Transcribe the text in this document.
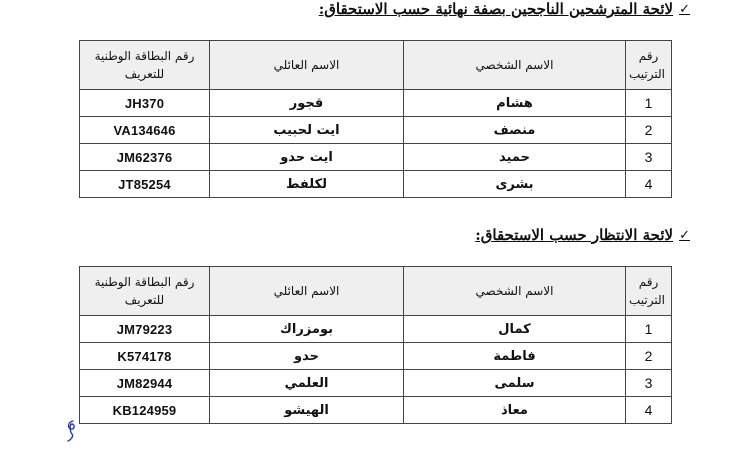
✓
لائحة المترشحين الناجحين بصفة نهائية حسب الاستحقاق:
رقم الترتيب	الاسم الشخصي	الاسم العائلي	رقم البطاقة الوطنية للتعريف
1	هشام	قجور	JH370
2	منصف	ايت لحبيب	VA134646
3	حميد	ايت حدو	JM62376
4	بشرى	لكلفط	JT85254
✓
لائحة الانتظار حسب الاستحقاق:
رقم الترتيب	الاسم الشخصي	الاسم العائلي	رقم البطاقة الوطنية للتعريف
1	كمال	بومزراك	JM79223
2	فاطمة	حدو	K574178
3	سلمى	العلمي	JM82944
4	معاذ	الهيشو	KB124959
